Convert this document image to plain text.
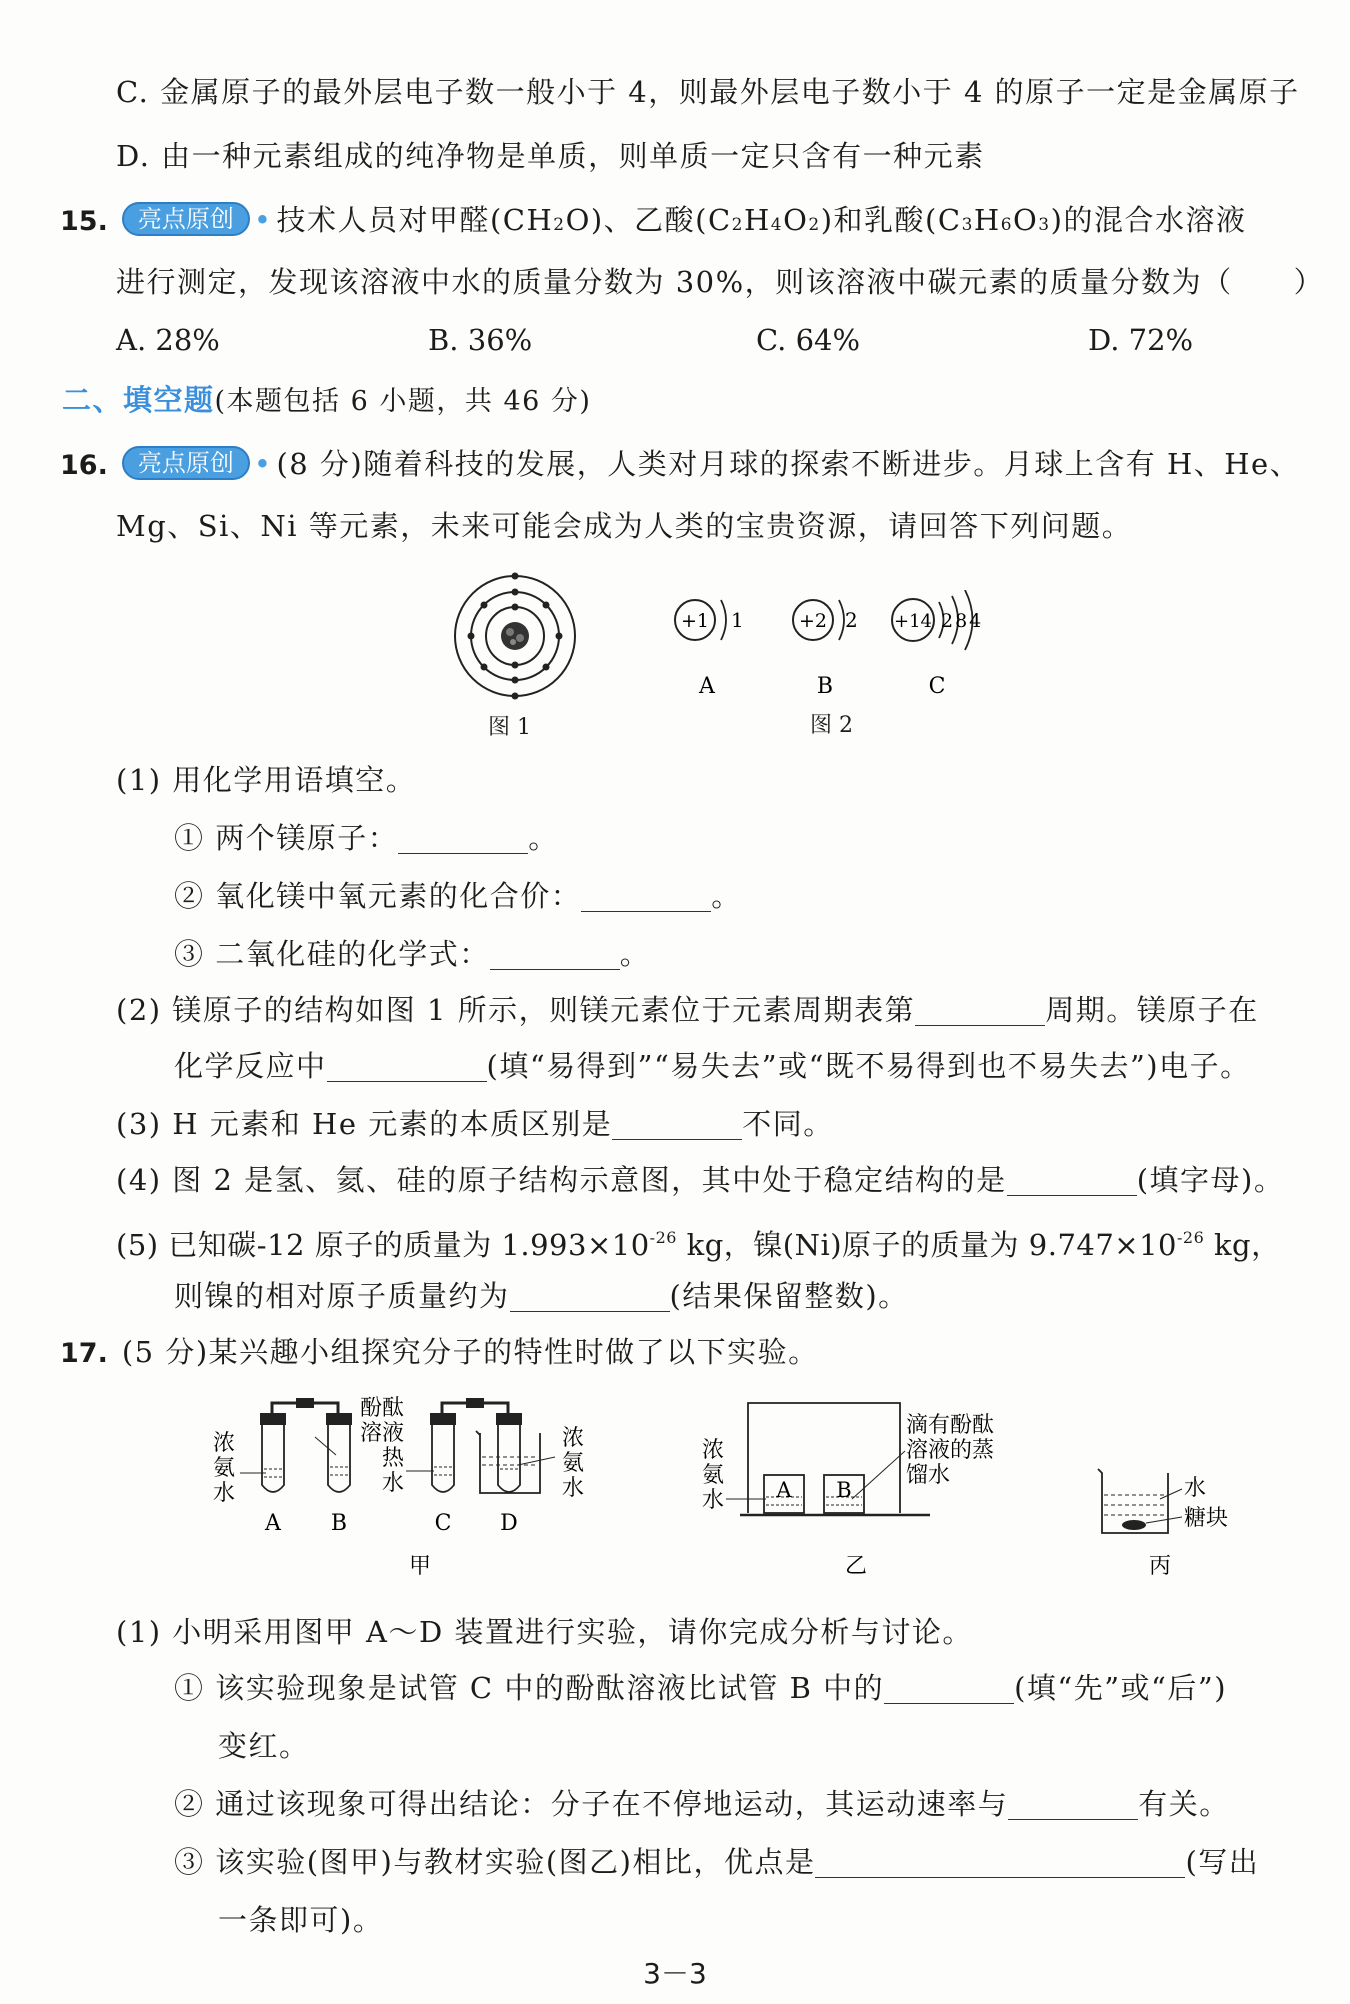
C. 金属原子的最外层电子数一般小于 4，则最外层电子数小于 4 的原子一定是金属原子
D. 由一种元素组成的纯净物是单质，则单质一定只含有一种元素
15. 亮点原创 • 技术人员对甲醛(CH2O)、乙酸(C2H4O2)和乳酸(C3H6O3)的混合水溶液
进行测定，发现该溶液中水的质量分数为 30%，则该溶液中碳元素的质量分数为（　　）
A. 28%	B. 36%	C. 64%	D. 72%
二、填空题(本题包括 6 小题，共 46 分)
16. 亮点原创 • (8 分)随着科技的发展，人类对月球的探索不断进步。月球上含有 H、He、
Mg、Si、Ni 等元素，未来可能会成为人类的宝贵资源，请回答下列问题。
图 1
+1 1
A
+2 2
B
+14 284
C
图 2
(1) 用化学用语填空。
① 两个镁原子：	。
② 氧化镁中氧元素的化合价：	。
③ 二氧化硅的化学式：	。
(2) 镁原子的结构如图 1 所示，则镁元素位于元素周期表第	周期。镁原子在
化学反应中	(填“易得到”“易失去”或“既不易得到也不易失去”)电子。
(3) H 元素和 He 元素的本质区别是	不同。
(4) 图 2 是氢、氦、硅的原子结构示意图，其中处于稳定结构的是	(填字母)。
(5) 已知碳-12 原子的质量为 $1.993\times 10^{-26}$ kg，镍(Ni)原子的质量为 $9.747\times 10^{-26}$ kg，
则镍的相对原子质量约为	(结果保留整数)。
17. (5 分)某兴趣小组探究分子的特性时做了以下实验。
浓
氨
水
酚酞
溶液
热
水
浓
氨
水
A B	C D
甲
A B
浓
氨
水
滴有酚酞
溶液的蒸
馏水
乙
水
糖块
丙
(1) 小明采用图甲 A～D 装置进行实验，请你完成分析与讨论。
① 该实验现象是试管 C 中的酚酞溶液比试管 B 中的	(填“先”或“后”)
变红。
② 通过该现象可得出结论：分子在不停地运动，其运动速率与	有关。
③ 该实验(图甲)与教材实验(图乙)相比，优点是	(写出
一条即可)。
3－3
